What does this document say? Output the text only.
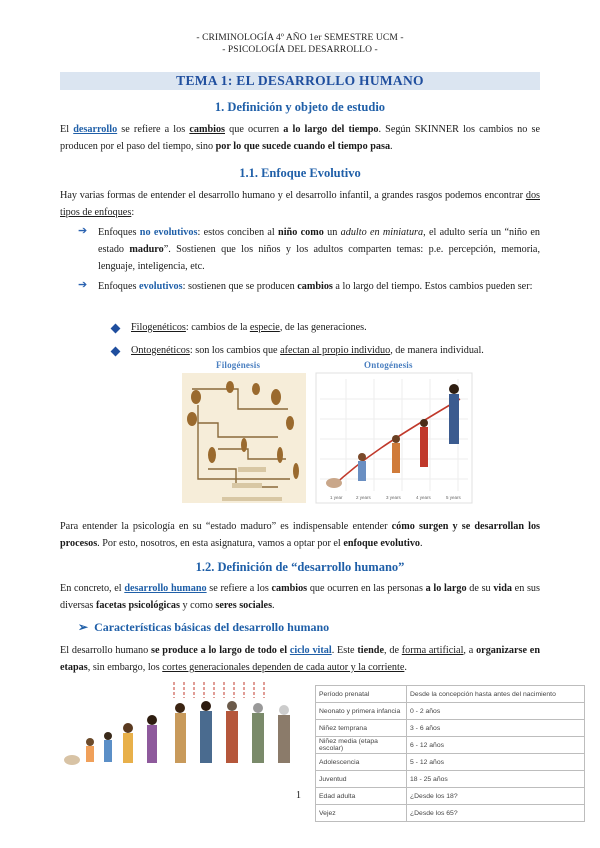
- CRIMINOLOGÍA 4º AÑO 1er SEMESTRE UCM -
- PSICOLOGÍA DEL DESARROLLO -
TEMA 1: EL DESARROLLO HUMANO
1. Definición y objeto de estudio
El desarrollo se refiere a los cambios que ocurren a lo largo del tiempo. Según SKINNER los cambios no se producen por el paso del tiempo, sino por lo que sucede cuando el tiempo pasa.
1.1. Enfoque Evolutivo
Hay varias formas de entender el desarrollo humano y el desarrollo infantil, a grandes rasgos podemos encontrar dos tipos de enfoques:
➔ Enfoques no evolutivos: estos conciben al niño como un adulto en miniatura, el adulto sería un “niño en estado maduro”. Sostienen que los niños y los adultos comparten temas: p.e. percepción, memoria, lenguaje, inteligencia, etc.
➔ Enfoques evolutivos: sostienen que se producen cambios a lo largo del tiempo. Estos cambios pueden ser:
Filogenéticos: cambios de la especie, de las generaciones.
Ontogenéticos: son los cambios que afectan al propio individuo, de manera individual.
Filogénesis	Ontogénesis
1 year	2 years	3 years	4 years	5 years
Para entender la psicología en su “estado maduro” es indispensable entender cómo surgen y se desarrollan los procesos. Por esto, nosotros, en esta asignatura, vamos a optar por el enfoque evolutivo.
1.2. Definición de “desarrollo humano”
En concreto, el desarrollo humano se refiere a los cambios que ocurren en las personas a lo largo de su vida en sus diversas facetas psicológicas y como seres sociales.
➢ Características básicas del desarrollo humano
El desarrollo humano se produce a lo largo de todo el ciclo vital. Este tiende, de forma artificial, a organizarse en etapas, sin embargo, los cortes generacionales dependen de cada autor y la corriente.
Período prenatal	Desde la concepción hasta antes del nacimiento
Neonato y primera infancia	0 - 2 años
Niñez temprana	3 - 6 años
Niñez media (etapa escolar)	6 - 12 años
Adolescencia	5 - 12 años
Juventud	18 - 25 años
Edad adulta	¿Desde los 18?
Vejez	¿Desde los 65?
1
